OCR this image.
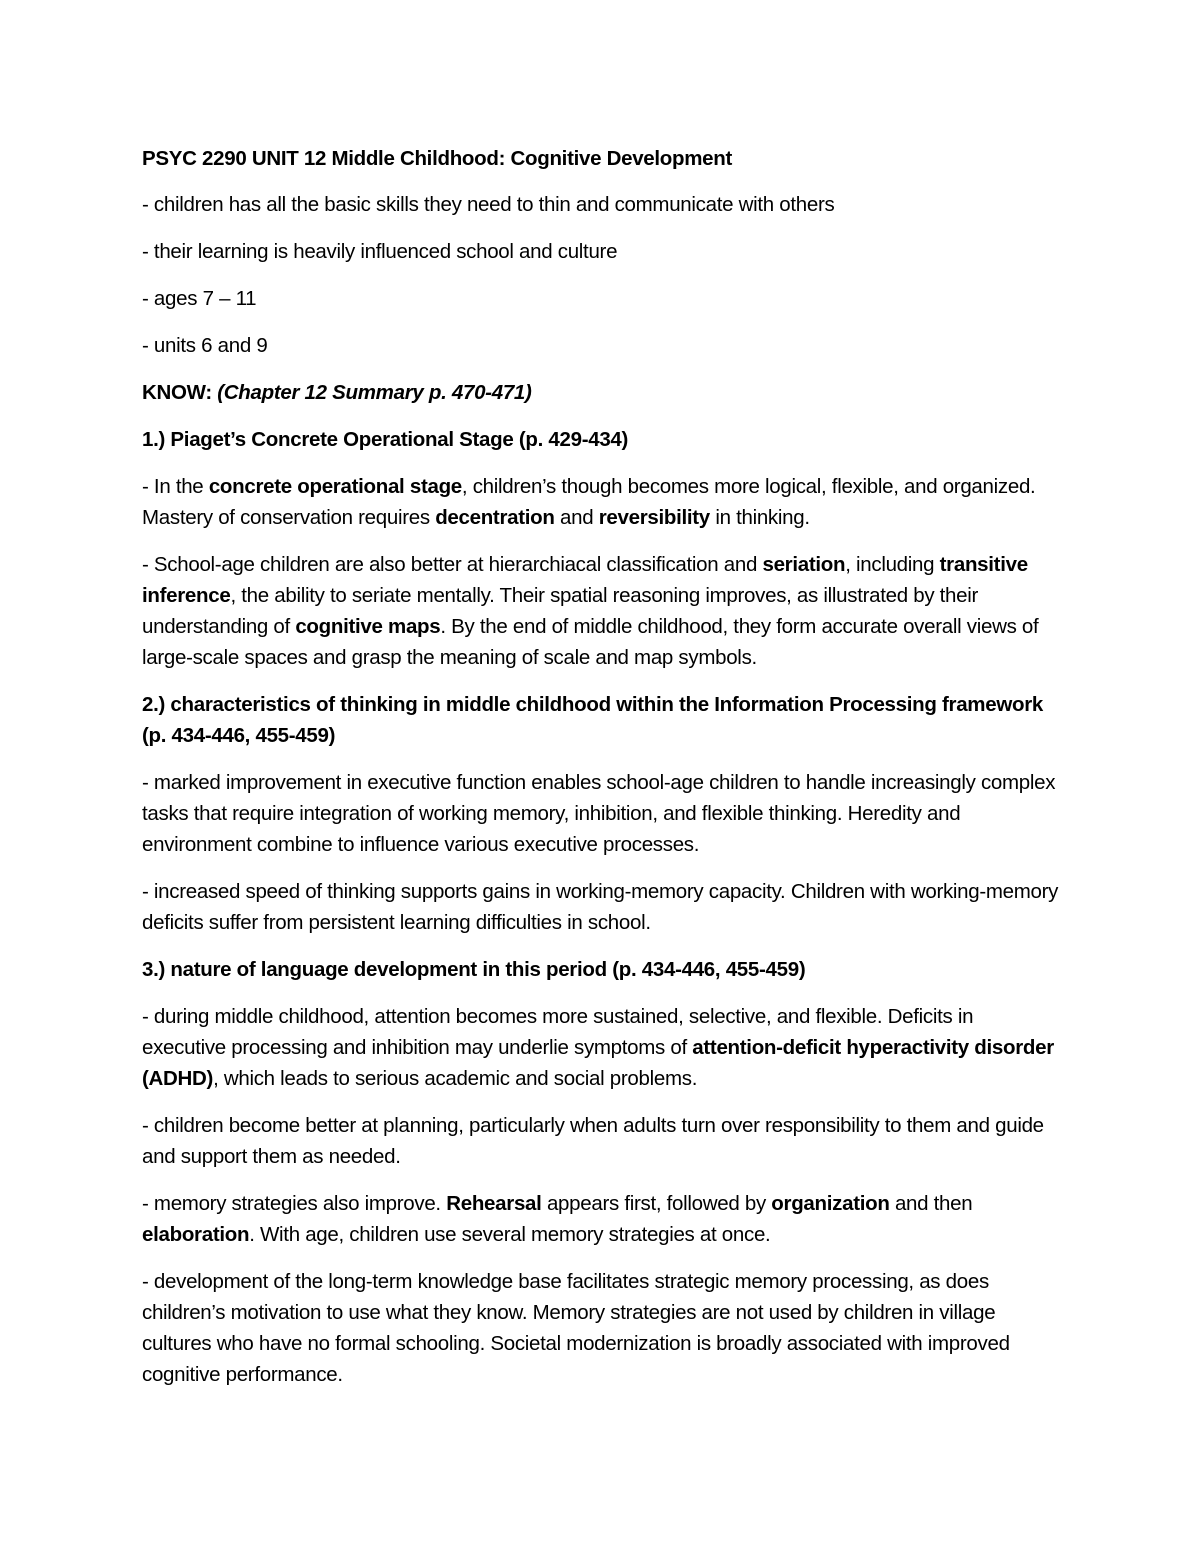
PSYC 2290 UNIT 12 Middle Childhood: Cognitive Development

- children has all the basic skills they need to thin and communicate with others

- their learning is heavily influenced school and culture

- ages 7 – 11

- units 6 and 9

KNOW: (Chapter 12 Summary p. 470-471)

1.) Piaget’s Concrete Operational Stage (p. 429-434)

- In the concrete operational stage, children’s though becomes more logical, flexible, and organized. Mastery of conservation requires decentration and reversibility in thinking.

- School-age children are also better at hierarchiacal classification and seriation, including transitive inference, the ability to seriate mentally. Their spatial reasoning improves, as illustrated by their understanding of cognitive maps. By the end of middle childhood, they form accurate overall views of large-scale spaces and grasp the meaning of scale and map symbols.

2.) characteristics of thinking in middle childhood within the Information Processing framework (p. 434-446, 455-459)

- marked improvement in executive function enables school-age children to handle increasingly complex tasks that require integration of working memory, inhibition, and flexible thinking. Heredity and environment combine to influence various executive processes.

- increased speed of thinking supports gains in working-memory capacity. Children with working-memory deficits suffer from persistent learning difficulties in school.

3.) nature of language development in this period (p. 434-446, 455-459)

- during middle childhood, attention becomes more sustained, selective, and flexible. Deficits in executive processing and inhibition may underlie symptoms of attention-deficit hyperactivity disorder (ADHD), which leads to serious academic and social problems.

- children become better at planning, particularly when adults turn over responsibility to them and guide and support them as needed.

- memory strategies also improve. Rehearsal appears first, followed by organization and then elaboration. With age, children use several memory strategies at once.

- development of the long-term knowledge base facilitates strategic memory processing, as does children’s motivation to use what they know. Memory strategies are not used by children in village cultures who have no formal schooling. Societal modernization is broadly associated with improved cognitive performance.
